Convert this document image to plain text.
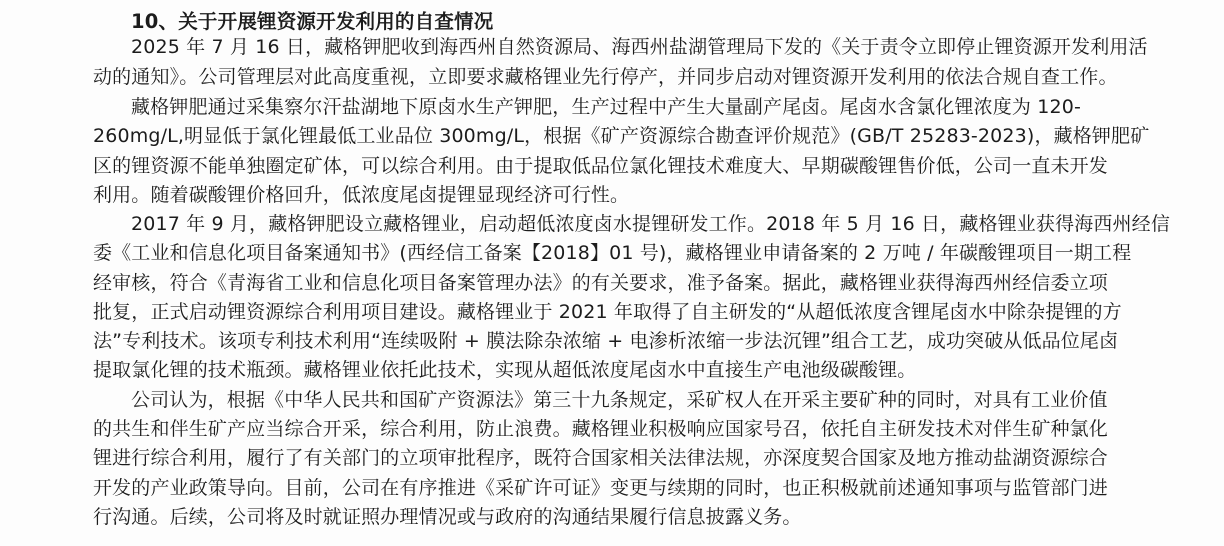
10、关于开展锂资源开发利用的自查情况
2025 年 7 月 16 日，藏格钾肥收到海西州自然资源局、海西州盐湖管理局下发的《关于责令立即停止锂资源开发利用活
动的通知》。公司管理层对此高度重视，立即要求藏格锂业先行停产，并同步启动对锂资源开发利用的依法合规自查工作。
藏格钾肥通过采集察尔汗盐湖地下原卤水生产钾肥，生产过程中产生大量副产尾卤。尾卤水含氯化锂浓度为 120-
260mg/L,明显低于氯化锂最低工业品位 300mg/L，根据《矿产资源综合勘查评价规范》(GB/T 25283-2023)，藏格钾肥矿
区的锂资源不能单独圈定矿体，可以综合利用。由于提取低品位氯化锂技术难度大、早期碳酸锂售价低，公司一直未开发
利用。随着碳酸锂价格回升，低浓度尾卤提锂显现经济可行性。
2017 年 9 月，藏格钾肥设立藏格锂业，启动超低浓度卤水提锂研发工作。2018 年 5 月 16 日，藏格锂业获得海西州经信
委《工业和信息化项目备案通知书》(西经信工备案【2018】01 号)，藏格锂业申请备案的 2 万吨 / 年碳酸锂项目一期工程
经审核，符合《青海省工业和信息化项目备案管理办法》的有关要求，准予备案。据此，藏格锂业获得海西州经信委立项
批复，正式启动锂资源综合利用项目建设。藏格锂业于 2021 年取得了自主研发的“从超低浓度含锂尾卤水中除杂提锂的方
法”专利技术。该项专利技术利用“连续吸附 + 膜法除杂浓缩 + 电渗析浓缩一步法沉锂”组合工艺，成功突破从低品位尾卤
提取氯化锂的技术瓶颈。藏格锂业依托此技术，实现从超低浓度尾卤水中直接生产电池级碳酸锂。
公司认为，根据《中华人民共和国矿产资源法》第三十九条规定，采矿权人在开采主要矿种的同时，对具有工业价值
的共生和伴生矿产应当综合开采，综合利用，防止浪费。藏格锂业积极响应国家号召，依托自主研发技术对伴生矿种氯化
锂进行综合利用，履行了有关部门的立项审批程序，既符合国家相关法律法规，亦深度契合国家及地方推动盐湖资源综合
开发的产业政策导向。目前，公司在有序推进《采矿许可证》变更与续期的同时，也正积极就前述通知事项与监管部门进
行沟通。后续，公司将及时就证照办理情况或与政府的沟通结果履行信息披露义务。
